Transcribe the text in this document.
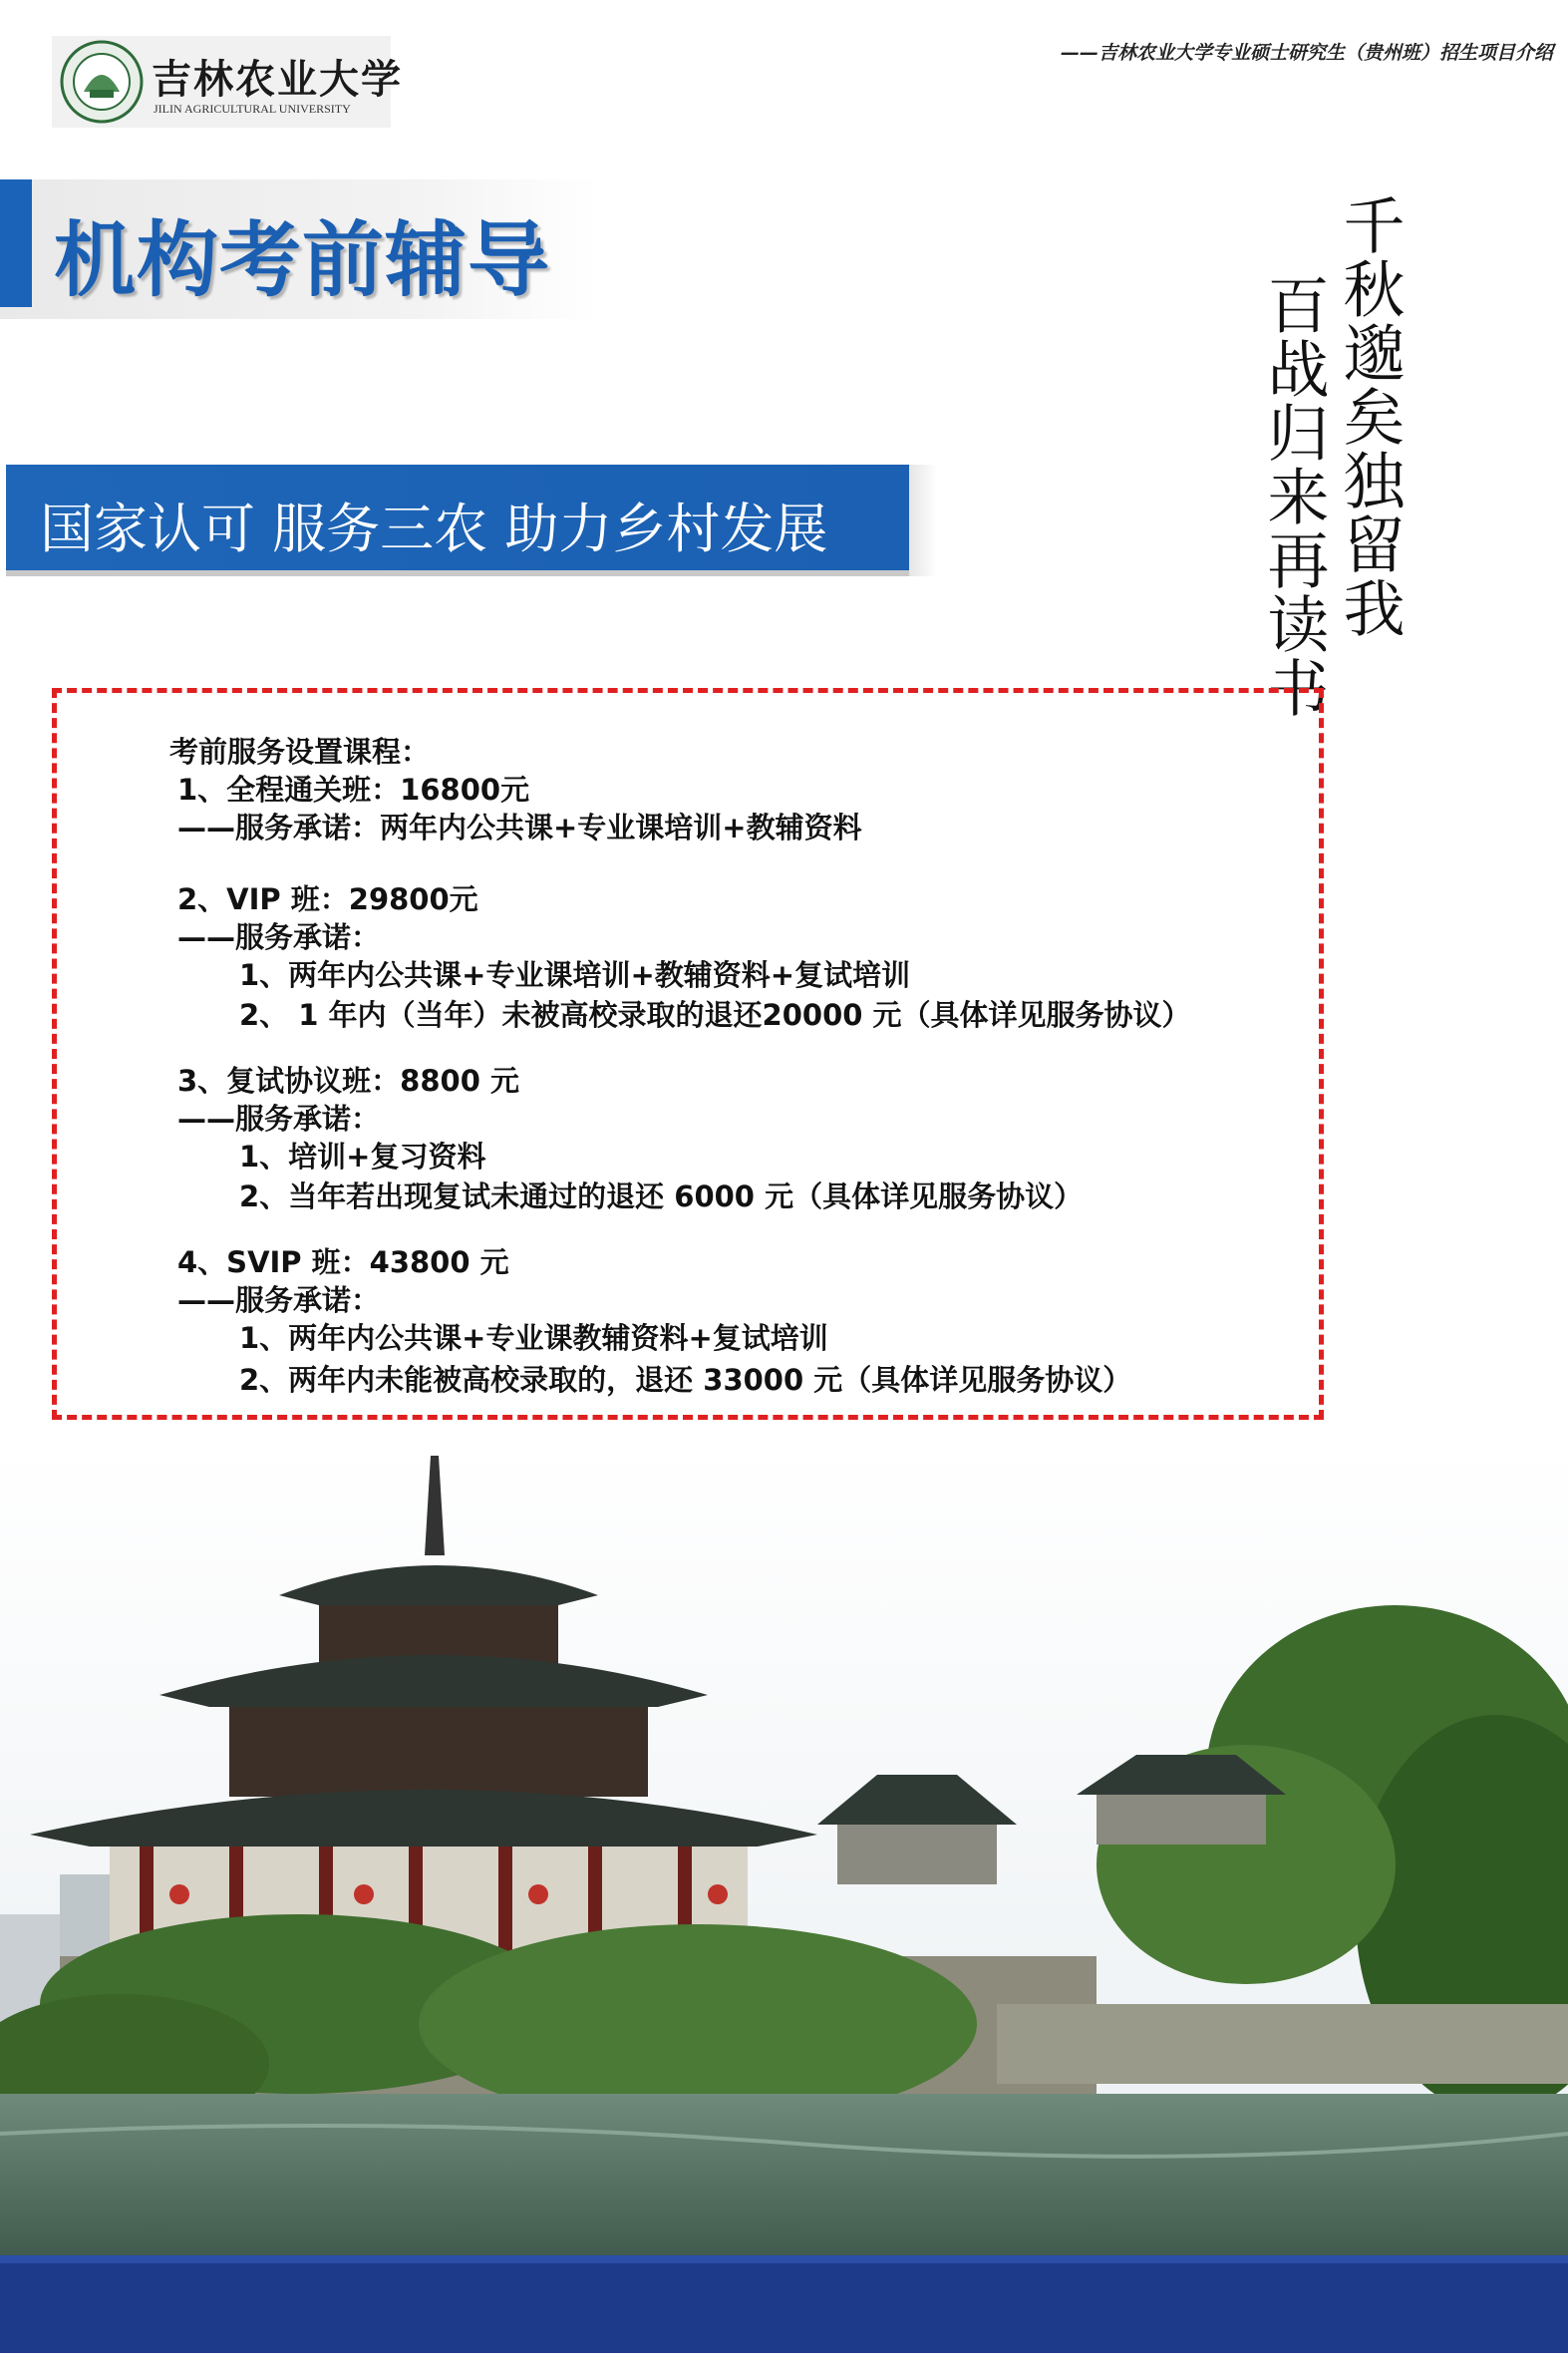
吉林农业大学
JILIN AGRICULTURAL UNIVERSITY
——吉林农业大学专业硕士研究生（贵州班）招生项目介绍
机构考前辅导
国家认可 服务三农 助力乡村发展	千秋邈矣独留我
百战归来再读书
考前服务设置课程：
1、全程通关班：16800元
——服务承诺：两年内公共课+专业课培训+教辅资料
2、VIP 班：29800元
——服务承诺：
1、两年内公共课+专业课培训+教辅资料+复试培训
2、 1 年内（当年）未被高校录取的退还20000 元（具体详见服务协议）
3、复试协议班：8800 元
——服务承诺：
1、培训+复习资料
2、当年若出现复试未通过的退还 6000 元（具体详见服务协议）
4、SVIP 班：43800 元
——服务承诺：
1、两年内公共课+专业课教辅资料+复试培训
2、两年内未能被高校录取的，退还 33000 元（具体详见服务协议）
